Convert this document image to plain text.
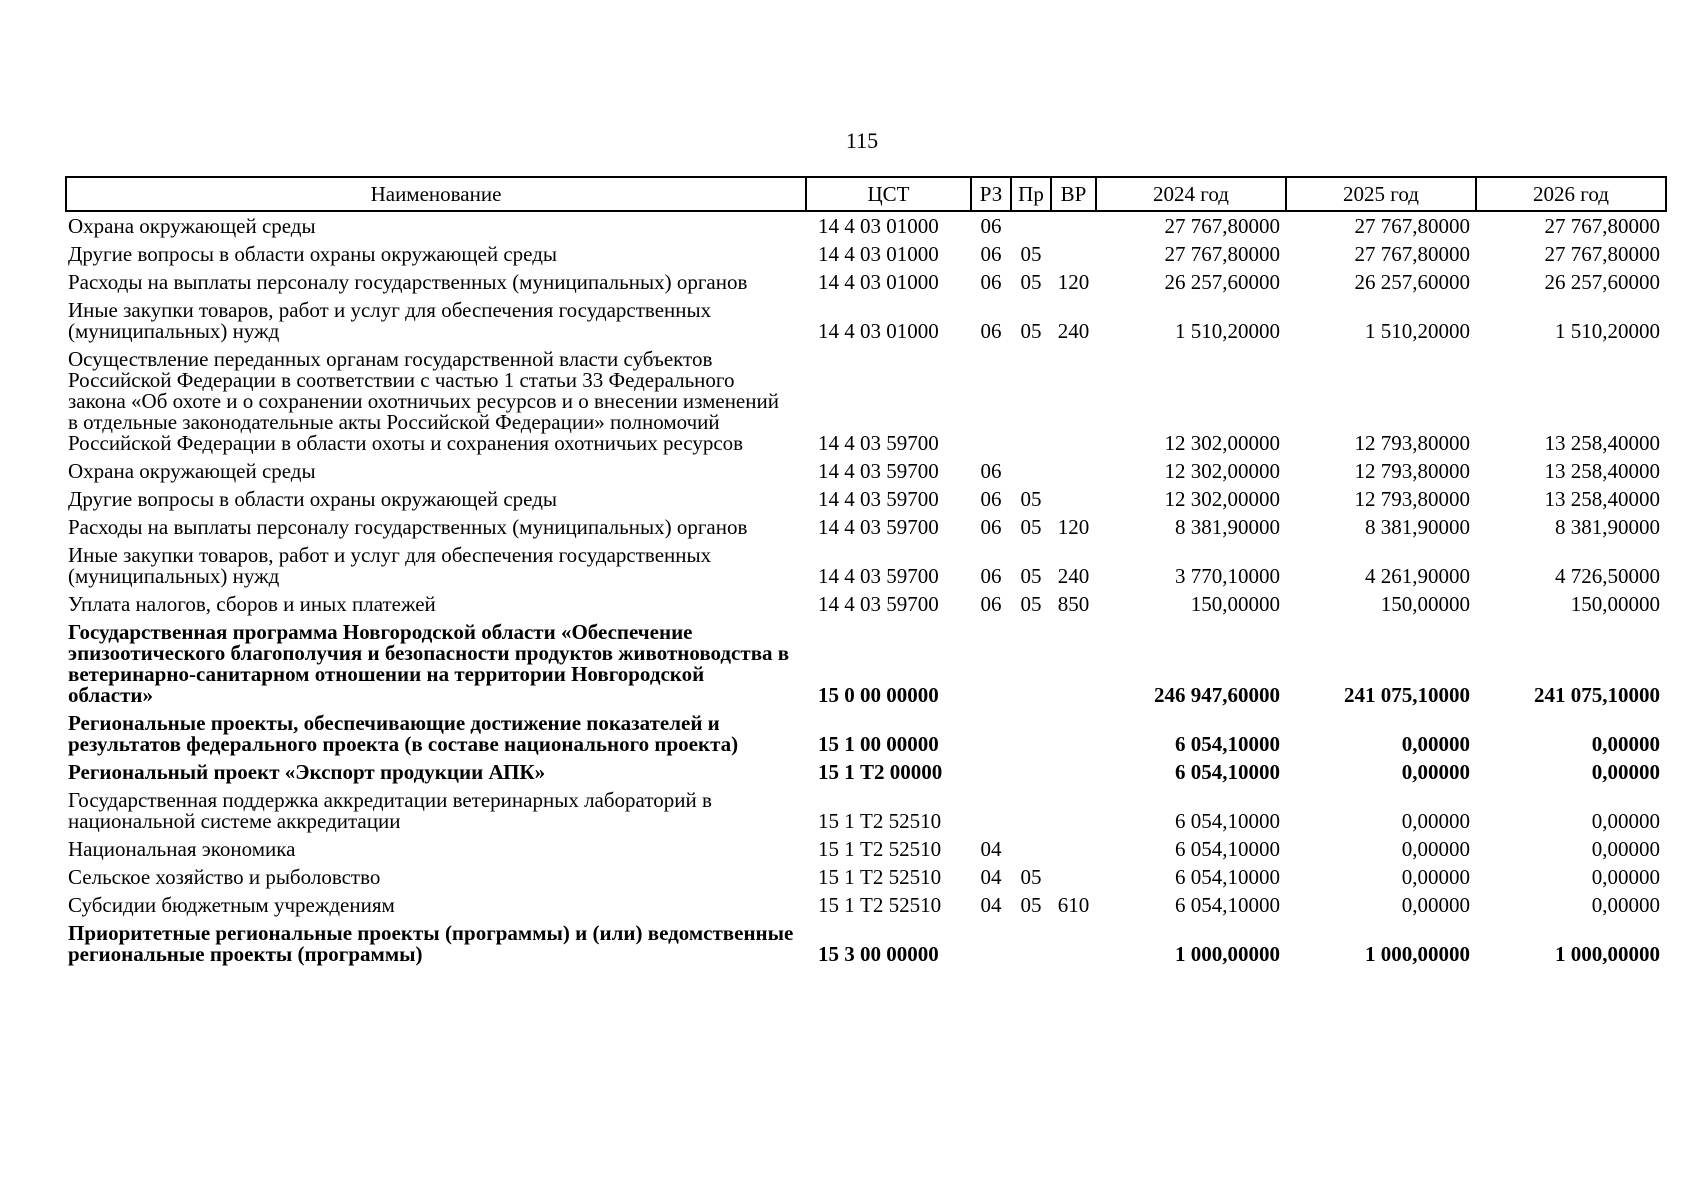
115
Наименование	ЦСТ	РЗ	Пр	ВР	2024 год	2025 год	2026 год
Охрана окружающей среды	14 4 03 01000	06			27 767,80000	27 767,80000	27 767,80000
Другие вопросы в области охраны окружающей среды	14 4 03 01000	06	05		27 767,80000	27 767,80000	27 767,80000
Расходы на выплаты персоналу государственных (муниципальных) органов	14 4 03 01000	06	05	120	26 257,60000	26 257,60000	26 257,60000
Иные закупки товаров, работ и услуг для обеспечения государственных (муниципальных) нужд	14 4 03 01000	06	05	240	1 510,20000	1 510,20000	1 510,20000
Осуществление переданных органам государственной власти субъектов Российской Федерации в соответствии с частью 1 статьи 33 Федерального закона «Об охоте и о сохранении охотничьих ресурсов и о внесении изменений в отдельные законодательные акты Российской Федерации» полномочий Российской Федерации в области охоты и сохранения охотничьих ресурсов	14 4 03 59700				12 302,00000	12 793,80000	13 258,40000
Охрана окружающей среды	14 4 03 59700	06			12 302,00000	12 793,80000	13 258,40000
Другие вопросы в области охраны окружающей среды	14 4 03 59700	06	05		12 302,00000	12 793,80000	13 258,40000
Расходы на выплаты персоналу государственных (муниципальных) органов	14 4 03 59700	06	05	120	8 381,90000	8 381,90000	8 381,90000
Иные закупки товаров, работ и услуг для обеспечения государственных (муниципальных) нужд	14 4 03 59700	06	05	240	3 770,10000	4 261,90000	4 726,50000
Уплата налогов, сборов и иных платежей	14 4 03 59700	06	05	850	150,00000	150,00000	150,00000
Государственная программа Новгородской области «Обеспечение эпизоотического благополучия и безопасности продуктов животноводства в ветеринарно-санитарном отношении на территории Новгородской области»	15 0 00 00000				246 947,60000	241 075,10000	241 075,10000
Региональные проекты, обеспечивающие достижение показателей и результатов федерального проекта (в составе национального проекта)	15 1 00 00000				6 054,10000	0,00000	0,00000
Региональный проект «Экспорт продукции АПК»	15 1 Т2 00000				6 054,10000	0,00000	0,00000
Государственная поддержка аккредитации ветеринарных лабораторий в национальной системе аккредитации	15 1 Т2 52510				6 054,10000	0,00000	0,00000
Национальная экономика	15 1 Т2 52510	04			6 054,10000	0,00000	0,00000
Сельское хозяйство и рыболовство	15 1 Т2 52510	04	05		6 054,10000	0,00000	0,00000
Субсидии бюджетным учреждениям	15 1 Т2 52510	04	05	610	6 054,10000	0,00000	0,00000
Приоритетные региональные проекты (программы) и (или) ведомственные региональные проекты (программы)	15 3 00 00000				1 000,00000	1 000,00000	1 000,00000
